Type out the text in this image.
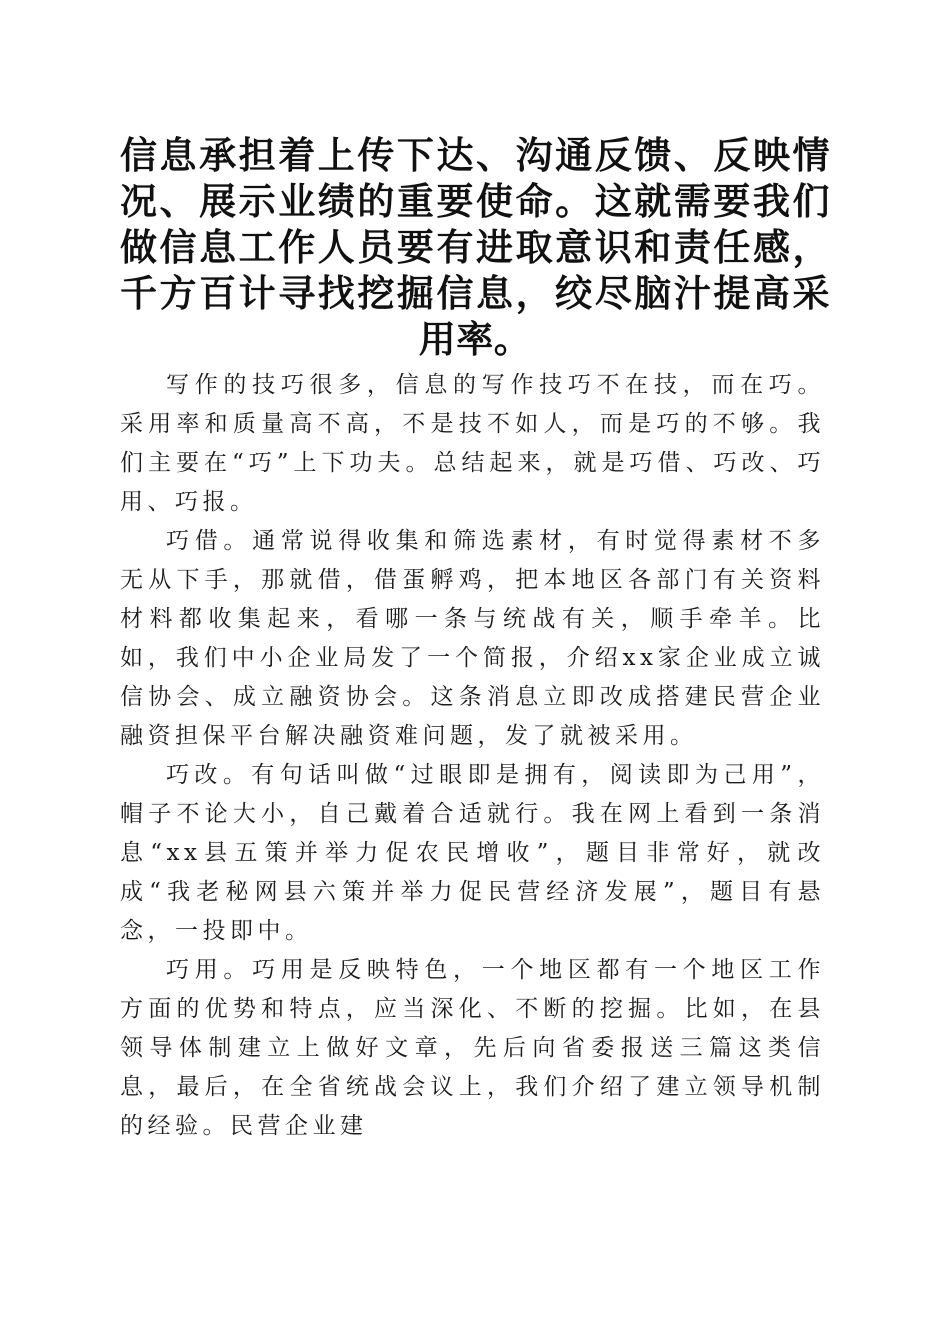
信息承担着上传下达、沟通反馈、反映情况、展示业绩的重要使命。这就需要我们做信息工作人员要有进取意识和责任感，千方百计寻找挖掘信息，绞尽脑汁提高采用率。

写作的技巧很多，信息的写作技巧不在技，而在巧。采用率和质量高不高，不是技不如人，而是巧的不够。我们主要在“巧”上下功夫。总结起来，就是巧借、巧改、巧用、巧报。

巧借。通常说得收集和筛选素材，有时觉得素材不多无从下手，那就借，借蛋孵鸡，把本地区各部门有关资料材料都收集起来，看哪一条与统战有关，顺手牵羊。比如，我们中小企业局发了一个简报，介绍xx家企业成立诚信协会、成立融资协会。这条消息立即改成搭建民营企业融资担保平台解决融资难问题，发了就被采用。

巧改。有句话叫做“过眼即是拥有，阅读即为己用”，帽子不论大小，自己戴着合适就行。我在网上看到一条消息“xx县五策并举力促农民增收”，题目非常好，就改成“我老秘网县六策并举力促民营经济发展”，题目有悬念，一投即中。

巧用。巧用是反映特色，一个地区都有一个地区工作方面的优势和特点，应当深化、不断的挖掘。比如，在县领导体制建立上做好文章，先后向省委报送三篇这类信息，最后，在全省统战会议上，我们介绍了建立领导机制的经验。民营企业建
